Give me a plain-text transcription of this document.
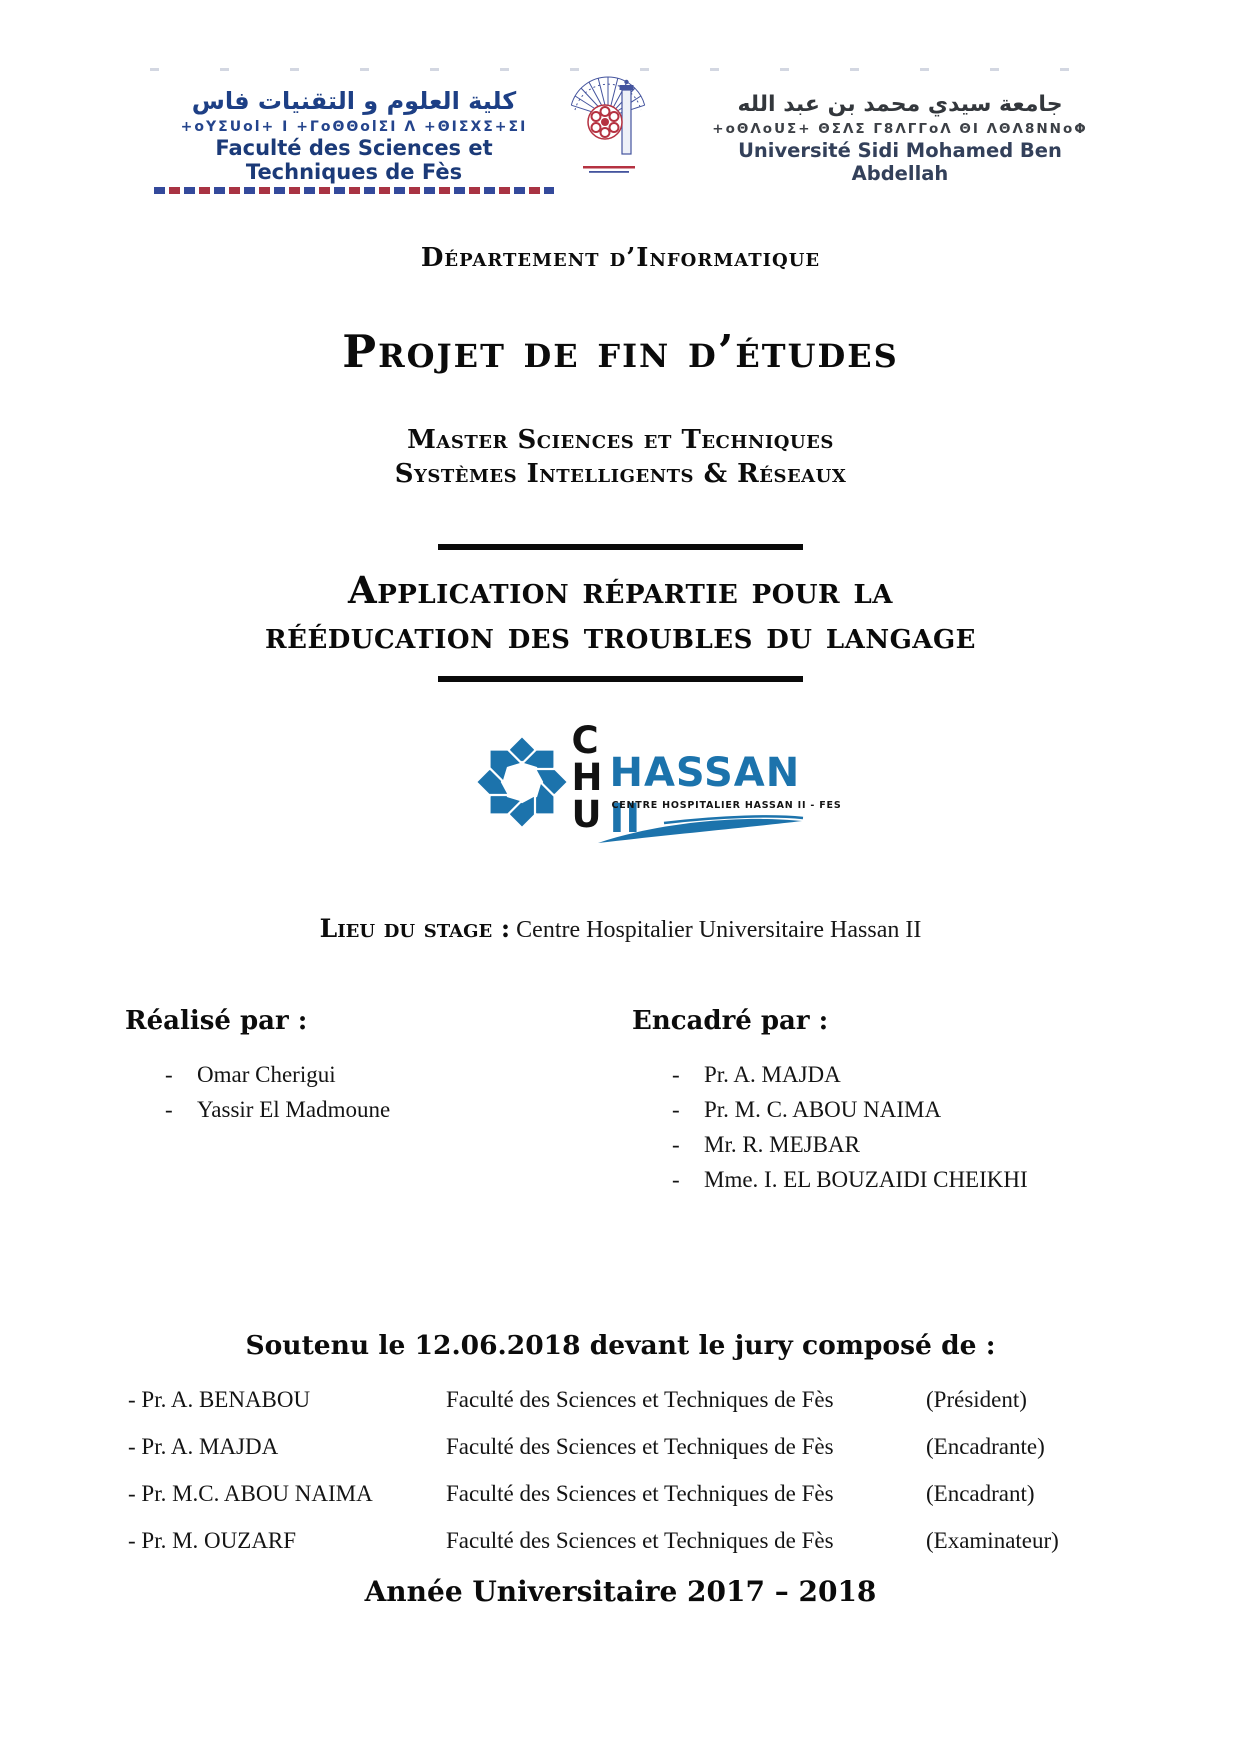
كلية العلوم و التقنيات فاس
+oYΣUol+ I +ΓoΘΘolΣI Λ +ΘΙΣΧΣ+ΣΙ
Faculté des Sciences et Techniques de Fès
جامعة سيدي محمد بن عبد الله
+oΘΛoUΣ+ ΘΣΛΣ Γ8ΛΓΓoΛ ΘΙ ΛΘΛ8ΝΝoΦ
Université Sidi Mohamed Ben Abdellah
Département d’Informatique
Projet de fin d’études
Master Sciences et Techniques
Systèmes Intelligents & Réseaux
Application répartie pour la
rééducation des troubles du langage
C
H
U
HASSAN II
CENTRE HOSPITALIER HASSAN II - FES
Lieu du stage : Centre Hospitalier Universitaire Hassan II
Réalisé par :
- Omar Cherigui
- Yassir El Madmoune
Encadré par :
- Pr. A. MAJDA
- Pr. M. C. ABOU NAIMA
- Mr. R. MEJBAR
- Mme. I. EL BOUZAIDI CHEIKHI
Soutenu le 12.06.2018 devant le jury composé de :
- Pr. A. BENABOU	Faculté des Sciences et Techniques de Fès	(Président)
- Pr. A. MAJDA	Faculté des Sciences et Techniques de Fès	(Encadrante)
- Pr. M.C. ABOU NAIMA	Faculté des Sciences et Techniques de Fès	(Encadrant)
- Pr. M. OUZARF	Faculté des Sciences et Techniques de Fès	(Examinateur)
Année Universitaire 2017 – 2018
